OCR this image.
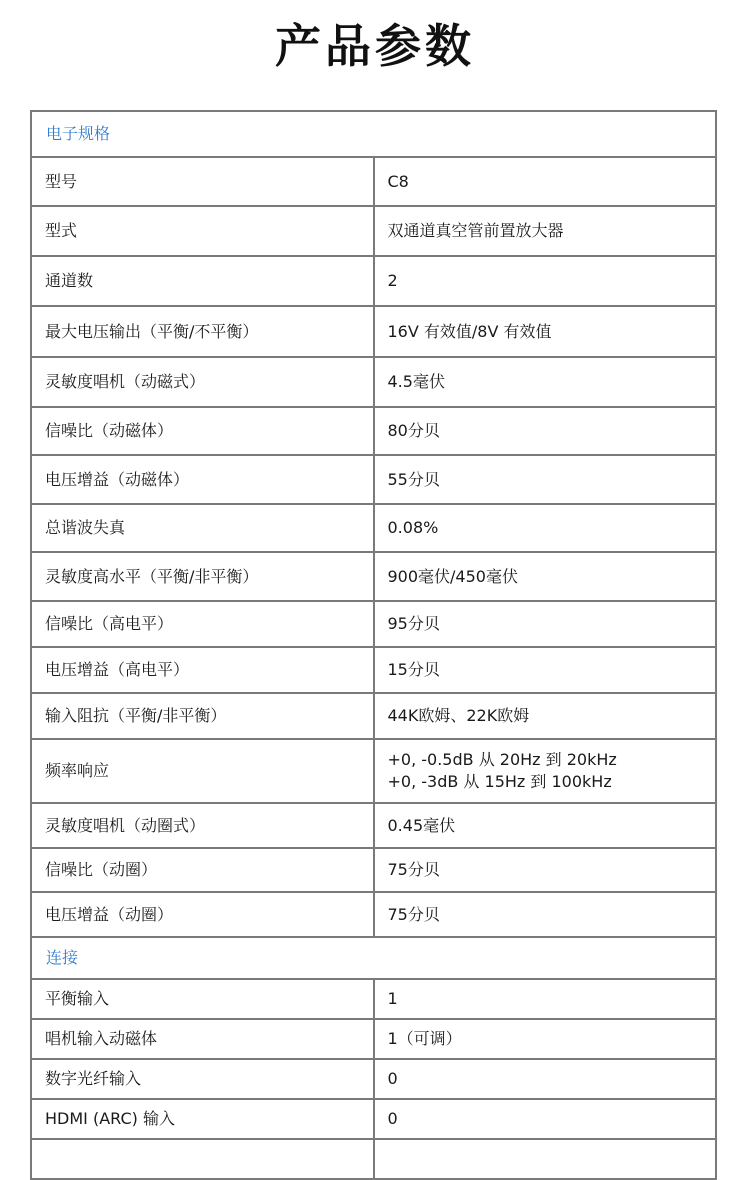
产品参数
电子规格	
型号	C8
型式	双通道真空管前置放大器
通道数	2
最大电压输出（平衡/不平衡）	16V 有效值/8V 有效值
灵敏度唱机（动磁式）	4.5毫伏
信噪比（动磁体）	80分贝
电压增益（动磁体）	55分贝
总谐波失真	0.08%
灵敏度高水平（平衡/非平衡）	900毫伏/450毫伏
信噪比（高电平）	95分贝
电压增益（高电平）	15分贝
输入阻抗（平衡/非平衡）	44K欧姆、22K欧姆
频率响应	+0, -0.5dB 从 20Hz 到 20kHz
+0, -3dB 从 15Hz 到 100kHz

灵敏度唱机（动圈式）	0.45毫伏
信噪比（动圈）	75分贝
电压增益（动圈）	75分贝
连接	
平衡输入	1
唱机输入动磁体	1（可调）
数字光纤输入	0
HDMI (ARC) 输入	0
